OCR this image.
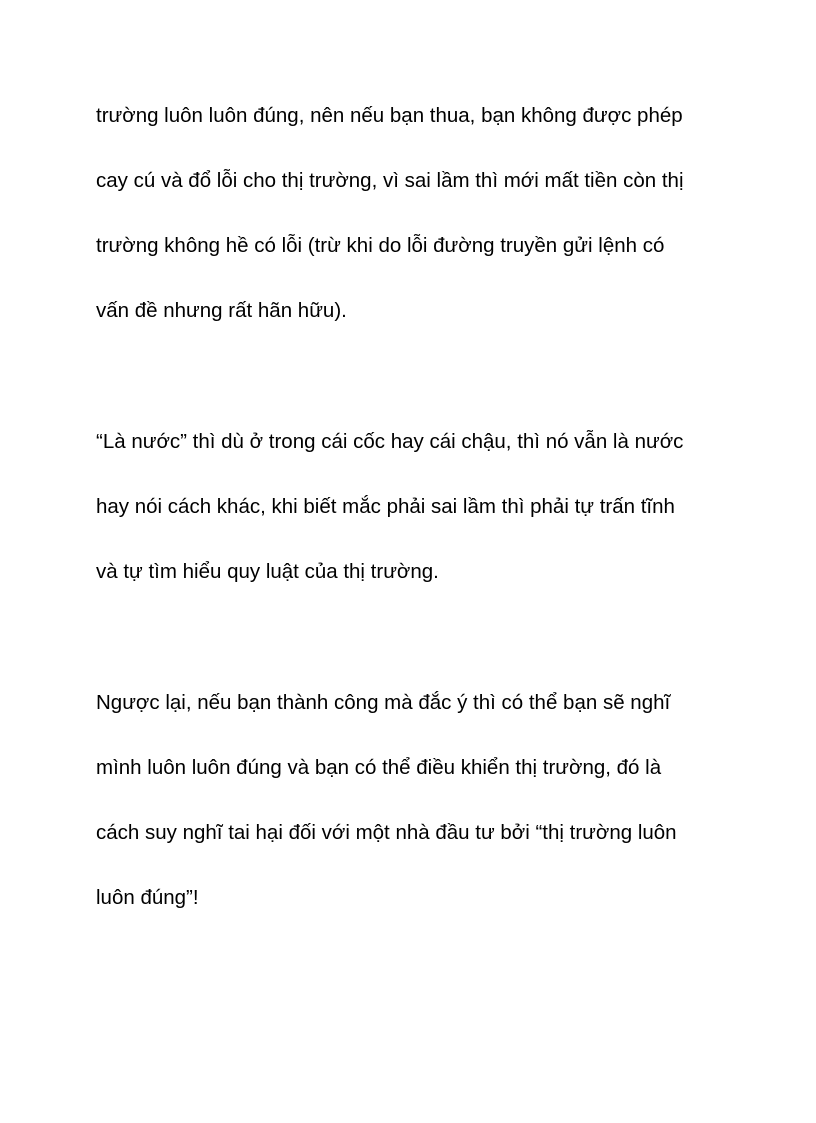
trường luôn luôn đúng, nên nếu bạn thua, bạn không được phép
cay cú và đổ lỗi cho thị trường, vì sai lầm thì mới mất tiền còn thị
trường không hề có lỗi (trừ khi do lỗi đường truyền gửi lệnh có
vấn đề nhưng rất hãn hữu).

“Là nước” thì dù ở trong cái cốc hay cái chậu, thì nó vẫn là nước
hay nói cách khác, khi biết mắc phải sai lầm thì phải tự trấn tĩnh
và tự tìm hiểu quy luật của thị trường.

Ngược lại, nếu bạn thành công mà đắc ý thì có thể bạn sẽ nghĩ
mình luôn luôn đúng và bạn có thể điều khiển thị trường, đó là
cách suy nghĩ tai hại đối với một nhà đầu tư bởi “thị trường luôn
luôn đúng”!
